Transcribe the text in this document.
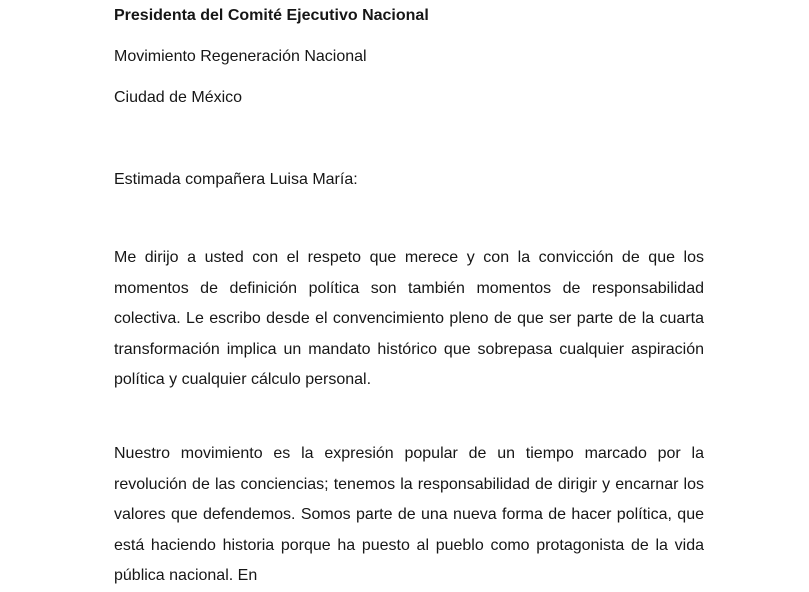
Presidenta del Comité Ejecutivo Nacional

Movimiento Regeneración Nacional

Ciudad de México

Estimada compañera Luisa María:

Me dirijo a usted con el respeto que merece y con la convicción de que los momentos de definición política son también momentos de responsabilidad colectiva. Le escribo desde el convencimiento pleno de que ser parte de la cuarta transformación implica un mandato histórico que sobrepasa cualquier aspiración política y cualquier cálculo personal.

Nuestro movimiento es la expresión popular de un tiempo marcado por la revolución de las conciencias; tenemos la responsabilidad de dirigir y encarnar los valores que defendemos. Somos parte de una nueva forma de hacer política, que está haciendo historia porque ha puesto al pueblo como protagonista de la vida pública nacional. En
